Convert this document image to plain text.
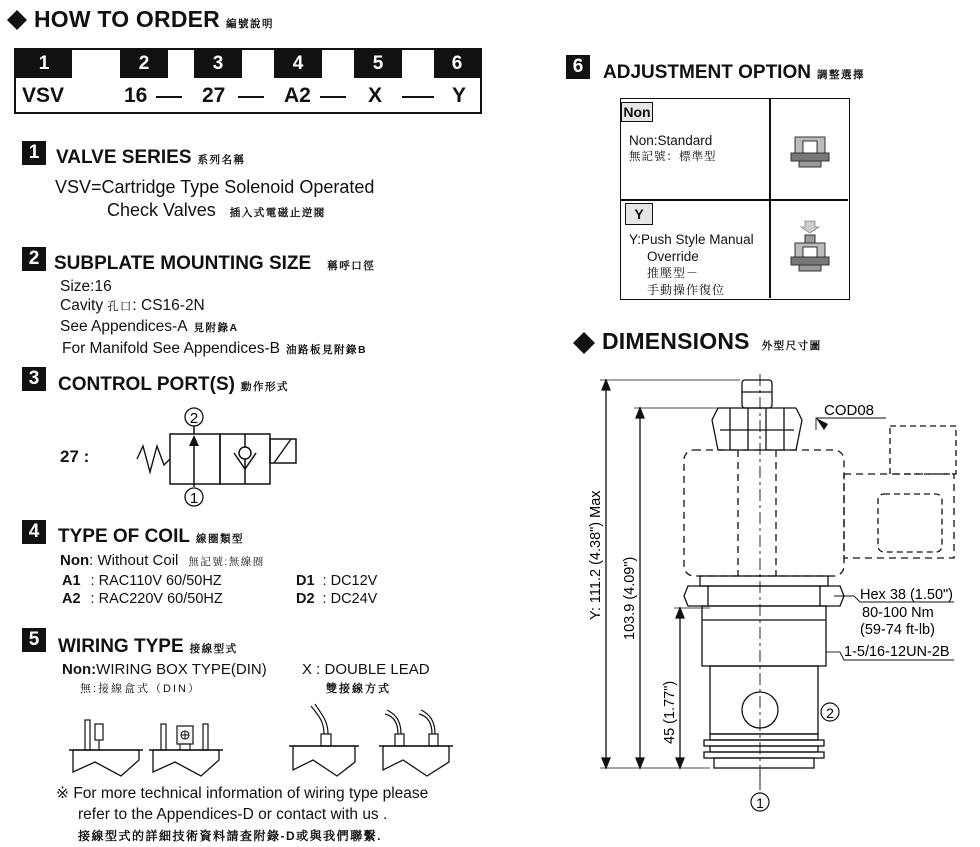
HOW TO ORDER 編號說明
1	2	3	4	5	6
VSV	16	27	A2	X	Y
1 VALVE SERIES 系列名稱
VSV=Cartridge Type Solenoid Operated
Check Valves 插入式電磁止逆閥
2 SUBPLATE MOUNTING SIZE 稱呼口徑
Size:16
Cavity 孔口: CS16-2N
See Appendices-A 見附錄A
For Manifold See Appendices-B 油路板見附錄B
3 CONTROL PORT(S) 動作形式
27 :
2
1
4 TYPE OF COIL 線圈類型
Non: Without Coil 無記號:無線圈
A1 : RAC110V 60/50HZ
A2 : RAC220V 60/50HZ
D1 : DC12V
D2 : DC24V
5 WIRING TYPE 接線型式
Non:WIRING BOX TYPE(DIN)
無:接線盒式（DIN）
X : DOUBLE LEAD
雙接線方式
※ For more technical information of wiring type please
refer to the Appendices-D or contact with us .
接線型式的詳細技術資料請查附錄-D或與我們聯繫.
6	ADJUSTMENT OPTION 調整選擇
Non
Non:Standard
無記號：標準型
Y
Y:Push Style Manual
Override
推壓型－
手動操作復位
DIMENSIONS 外型尺寸圖
COD08
Hex 38 (1.50")
80-100 Nm
(59-74 ft-lb)
1-5/16-12UN-2B
Y: 111.2 (4.38") Max 103.9 (4.09")
45 (1.77")	2
1
